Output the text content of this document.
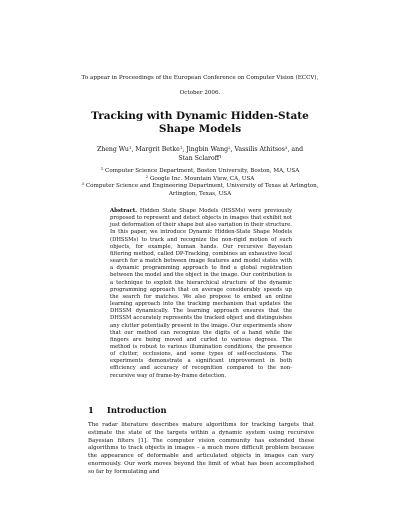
To appear in Proceedings of the European Conference on Computer Vision (ECCV),
October 2006.
Tracking with Dynamic Hidden-State Shape Models
Zheng Wu$^1$, Margrit Betke$^1$, Jingbin Wang$^2$, Vassilis Athitsos$^3$, and Stan Sclaroff$^1$
$^1$ Computer Science Department, Boston University, Boston, MA, USA
$^2$ Google Inc. Mountain View, CA, USA
$^3$ Computer Science and Engineering Department, University of Texas at Arlington, Arlington, Texas, USA
Abstract. Hidden State Shape Models (HSSMs) were previously proposed to represent and detect objects in images that exhibit not just deformation of their shape but also variation in their structure. In this paper, we introduce Dynamic Hidden-State Shape Models (DHSSMs) to track and recognize the non-rigid motion of such objects, for example, human hands. Our recursive Bayesian filtering method, called DP-Tracking, combines an exhaustive local search for a match between image features and model states with a dynamic programming approach to find a global registration between the model and the object in the image. Our contribution is a technique to exploit the hierarchical structure of the dynamic programming approach that on average considerably speeds up the search for matches. We also propose to embed an online learning approach into the tracking mechanism that updates the DHSSM dynamically. The learning approach ensures that the DHSSM accurately represents the tracked object and distinguishes any clutter potentially present in the image. Our experiments show that our method can recognize the digits of a hand while the fingers are being moved and curled to various degrees. The method is robust to various illumination conditions, the presence of clutter, occlusions, and some types of self-occlusions. The experiments demonstrate a significant improvement in both efficiency and accuracy of recognition compared to the non-recursive way of frame-by-frame detection.
1 Introduction
The radar literature describes mature algorithms for tracking targets that estimate the state of the targets within a dynamic system using recursive Bayesian filters [1]. The computer vision community has extended these algorithms to track objects in images – a much more difficult problem because the appearance of deformable and articulated objects in images can vary enormously. Our work moves beyond the limit of what has been accomplished so far by formulating and
